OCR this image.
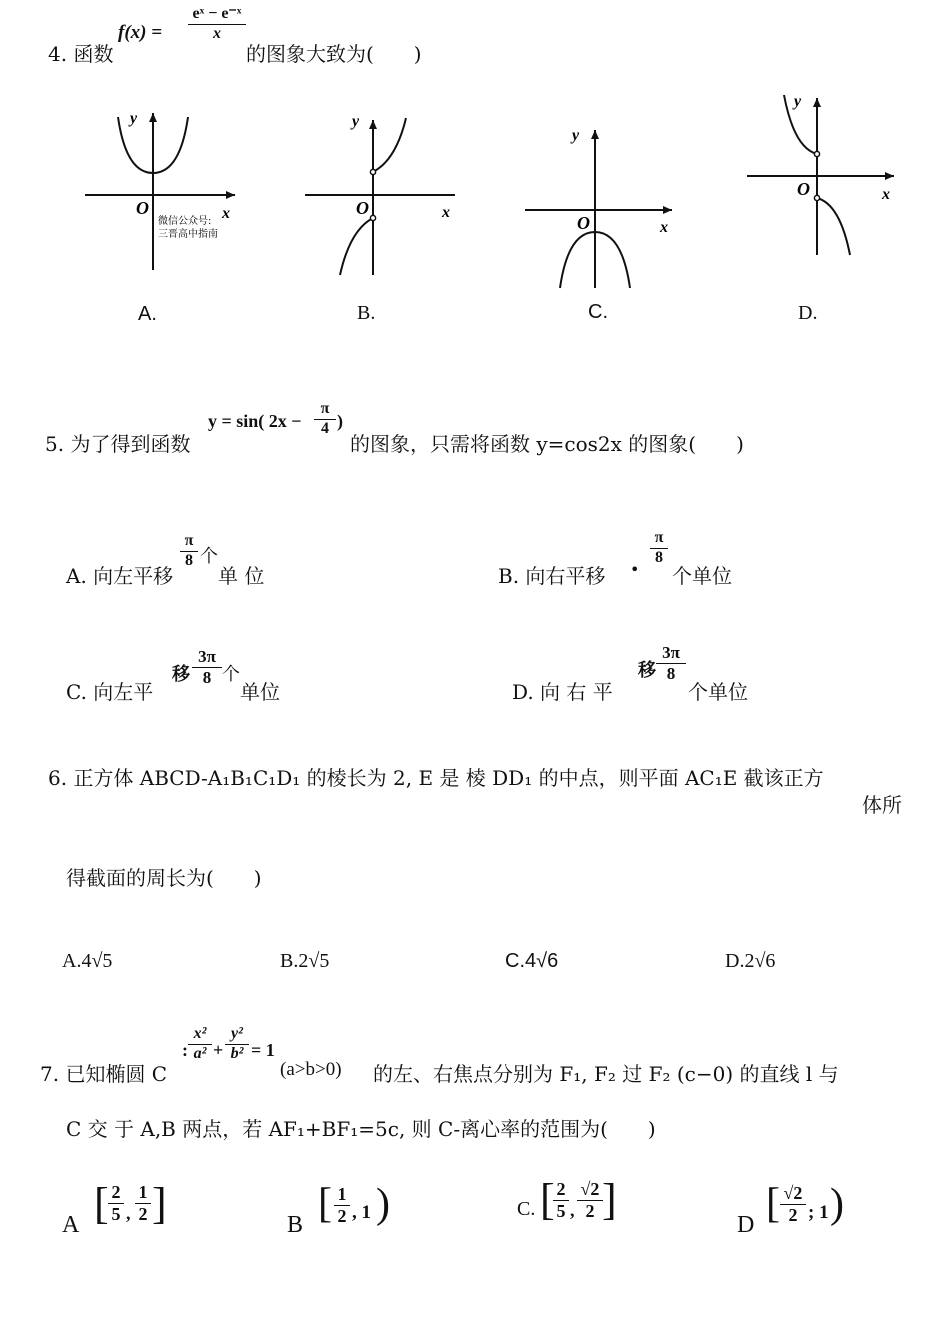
4. 函数
f(x) =
eˣ − e⁻ˣ
x
的图象大致为(　　)
y
O	x
微信公众号:
三晋高中指南
A.
y
O	x
B.
y
O	x
C.
y
O	x
D.
5. 为了得到函数
y = sin( 2x −
π
4 )
的图象，只需将函数 y=cos2x 的图象(　　)
A. 向左平移
π
8 个
单 位	B. 向右平移 •
π
8
个单位
C. 向左平
移
3π
8 个
单位	D. 向 右 平
移
3π
8
个单位
6. 正方体 ABCD-A₁B₁C₁D₁ 的棱长为 2, E 是 棱 DD₁ 的中点，则平面 AC₁E 截该正方
体所
得截面的周长为(　　)
A.4√5	B.2√5	C.4√6	D.2√6
7. 已知椭圆 C
:
x²
a² +
y²
b² = 1
(a>b>0) 的左、右焦点分别为 F₁, F₂ 过 F₂ (c−0) 的直线 l 与
C 交 于 A,B 两点，若 AF₁+BF₁=5c, 则 C-离心率的范围为(　　)
A [ 2
5 ,
1
2 ]	B [ 1
2 , 1 )	C. [ 2
5 ,
√2
2 ]
D [ √2
2 ; 1 )
